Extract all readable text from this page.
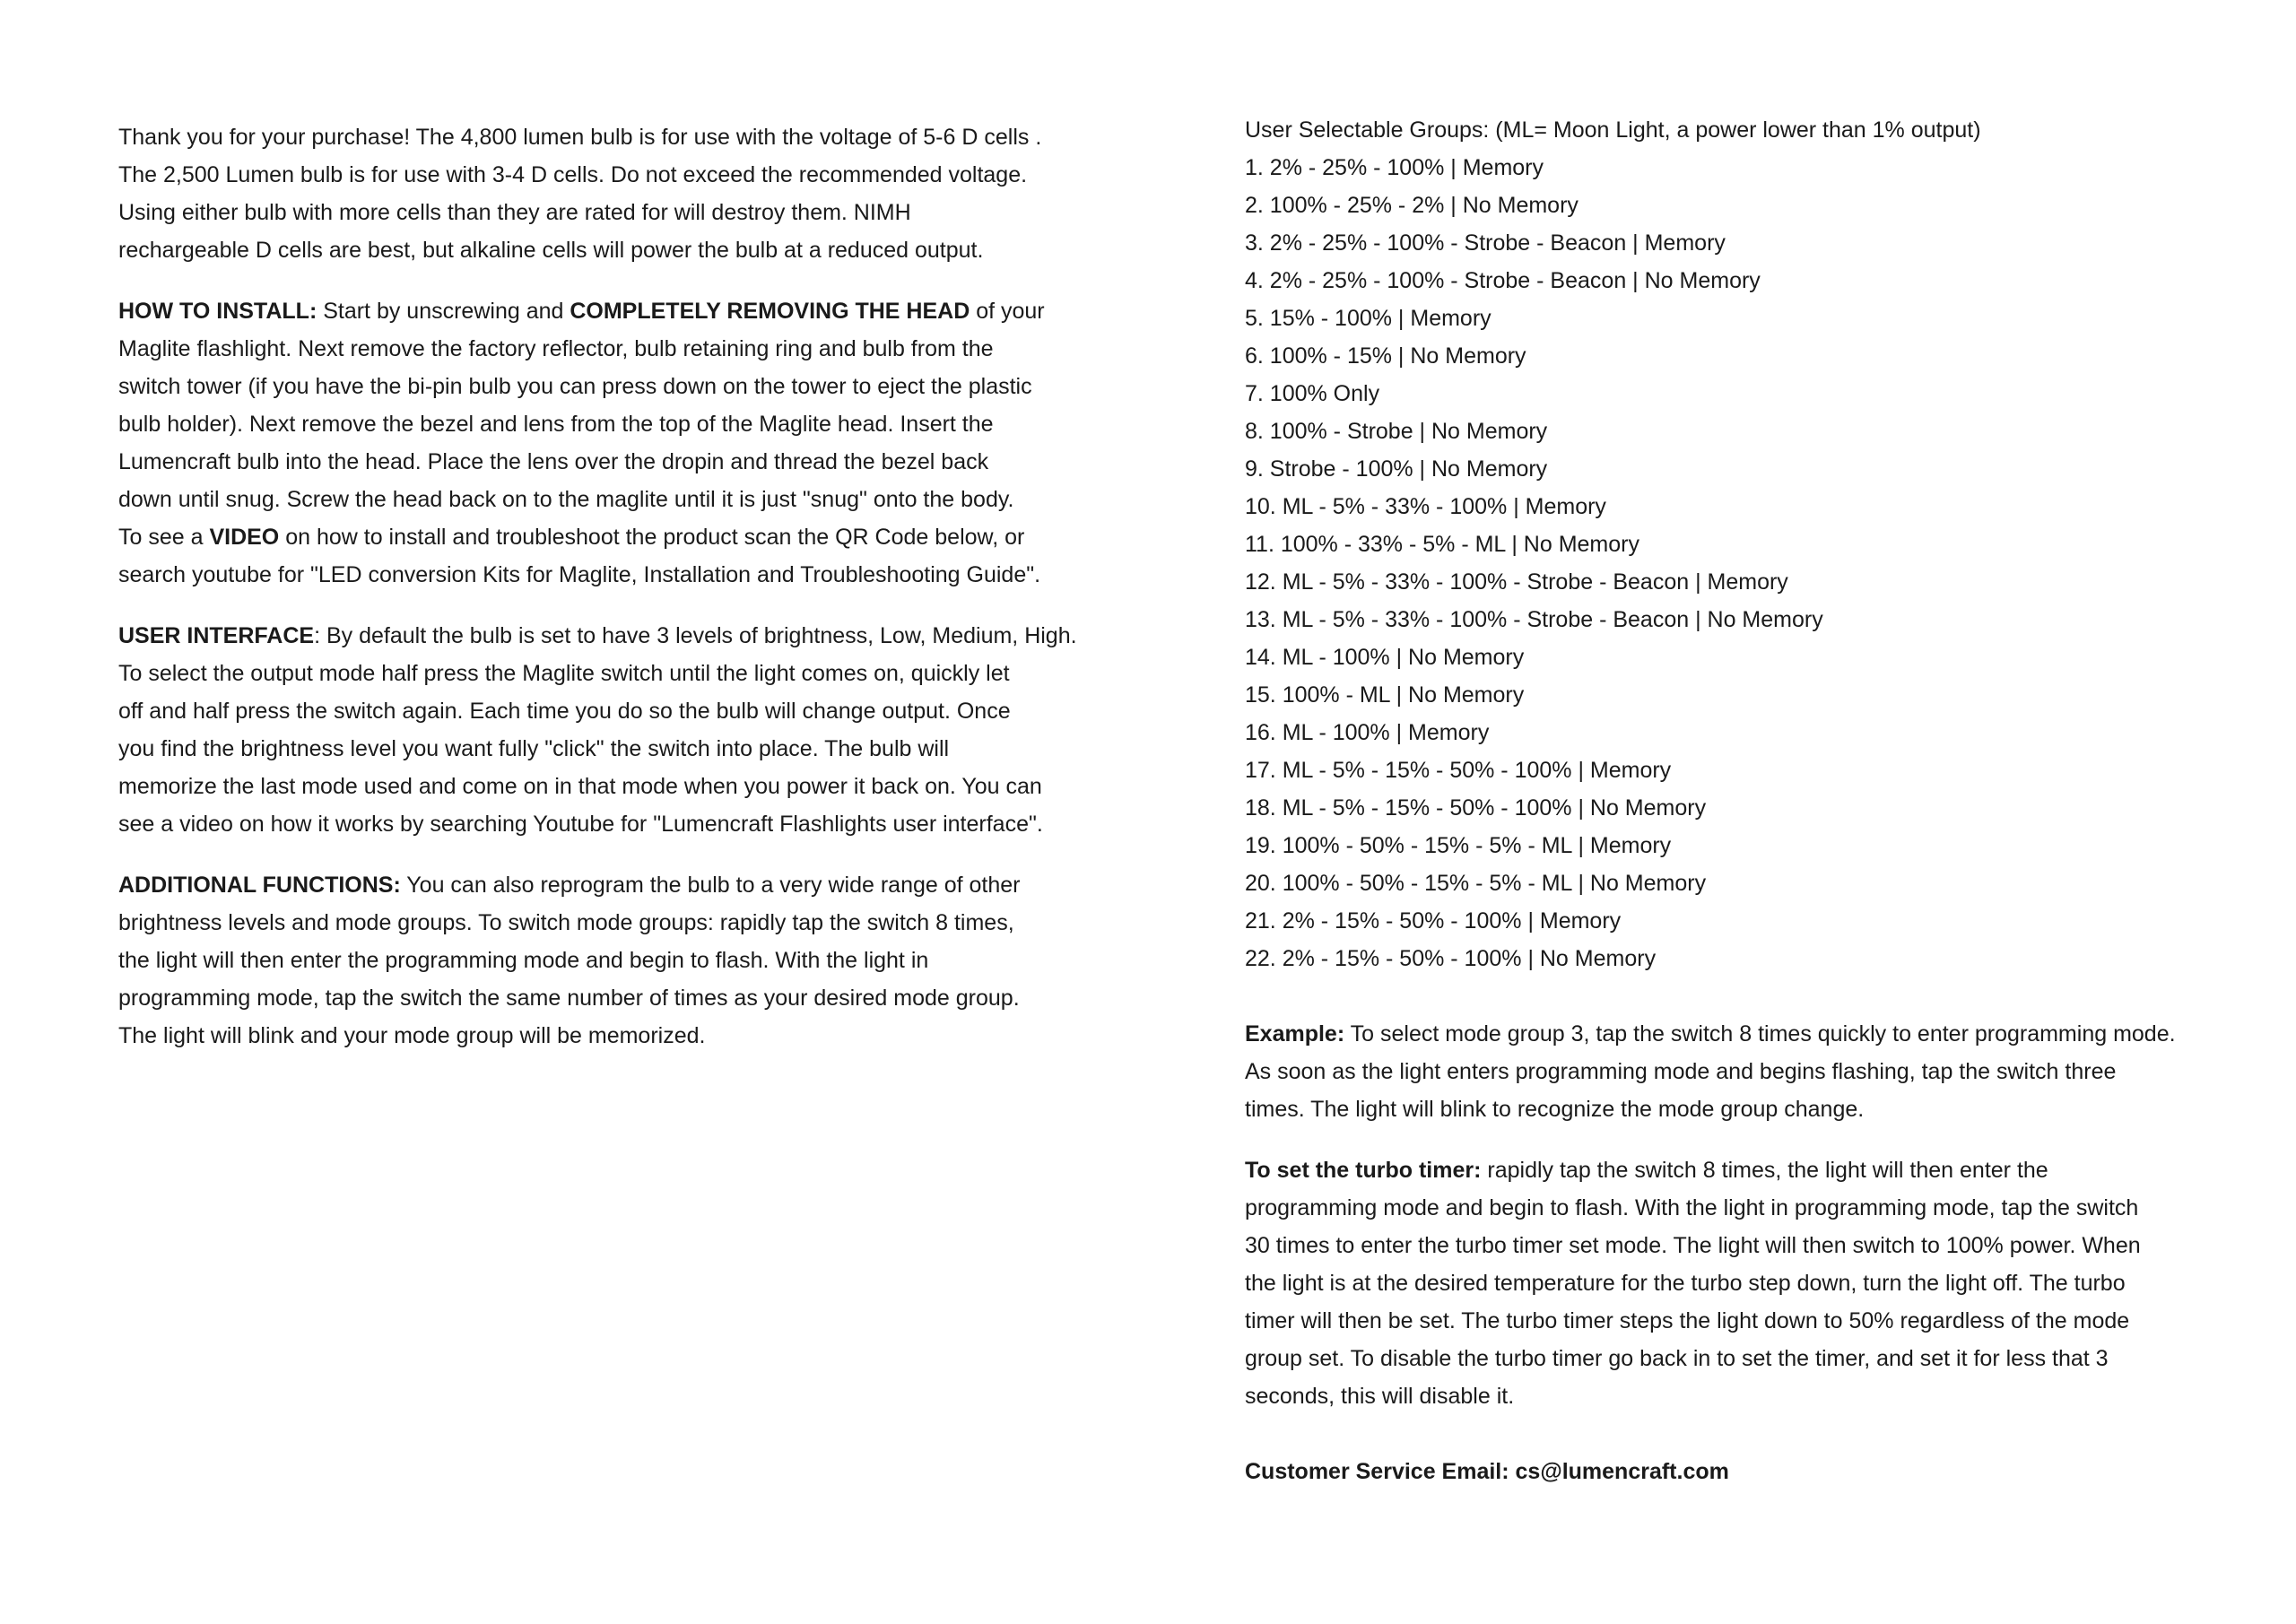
Thank you for your purchase! The 4,800 lumen bulb is for use with the voltage of 5-6 D cells .
The 2,500 Lumen bulb is for use with 3-4 D cells. Do not exceed the recommended voltage.
Using either bulb with more cells than they are rated for will destroy them. NIMH
rechargeable D cells are best, but alkaline cells will power the bulb at a reduced output.

HOW TO INSTALL: Start by unscrewing and COMPLETELY REMOVING THE HEAD of your
Maglite flashlight. Next remove the factory reflector, bulb retaining ring and bulb from the
switch tower (if you have the bi-pin bulb you can press down on the tower to eject the plastic
bulb holder). Next remove the bezel and lens from the top of the Maglite head. Insert the
Lumencraft bulb into the head. Place the lens over the dropin and thread the bezel back
down until snug. Screw the head back on to the maglite until it is just "snug" onto the body.
To see a VIDEO on how to install and troubleshoot the product scan the QR Code below, or
search youtube for "LED conversion Kits for Maglite, Installation and Troubleshooting Guide".

USER INTERFACE: By default the bulb is set to have 3 levels of brightness, Low, Medium, High.
To select the output mode half press the Maglite switch until the light comes on, quickly let
off and half press the switch again. Each time you do so the bulb will change output. Once
you find the brightness level you want fully "click" the switch into place. The bulb will
memorize the last mode used and come on in that mode when you power it back on. You can
see a video on how it works by searching Youtube for "Lumencraft Flashlights user interface".

ADDITIONAL FUNCTIONS: You can also reprogram the bulb to a very wide range of other
brightness levels and mode groups. To switch mode groups: rapidly tap the switch 8 times,
the light will then enter the programming mode and begin to flash. With the light in
programming mode, tap the switch the same number of times as your desired mode group.
The light will blink and your mode group will be memorized.

User Selectable Groups: (ML= Moon Light, a power lower than 1% output)
1. 2% - 25% - 100% | Memory
2. 100% - 25% - 2% | No Memory
3. 2% - 25% - 100% - Strobe - Beacon | Memory
4. 2% - 25% - 100% - Strobe - Beacon | No Memory
5. 15% - 100% | Memory
6. 100% - 15% | No Memory
7. 100% Only
8. 100% - Strobe | No Memory
9. Strobe - 100% | No Memory
10. ML - 5% - 33% - 100% | Memory
11. 100% - 33% - 5% - ML | No Memory
12. ML - 5% - 33% - 100% - Strobe - Beacon | Memory
13. ML - 5% - 33% - 100% - Strobe - Beacon | No Memory
14. ML - 100% | No Memory
15. 100% - ML | No Memory
16. ML - 100% | Memory
17. ML - 5% - 15% - 50% - 100% | Memory
18. ML - 5% - 15% - 50% - 100% | No Memory
19. 100% - 50% - 15% - 5% - ML | Memory
20. 100% - 50% - 15% - 5% - ML | No Memory
21. 2% - 15% - 50% - 100% | Memory
22. 2% - 15% - 50% - 100% | No Memory

Example: To select mode group 3, tap the switch 8 times quickly to enter programming mode.
As soon as the light enters programming mode and begins flashing, tap the switch three
times. The light will blink to recognize the mode group change.

To set the turbo timer: rapidly tap the switch 8 times, the light will then enter the
programming mode and begin to flash. With the light in programming mode, tap the switch
30 times to enter the turbo timer set mode. The light will then switch to 100% power. When
the light is at the desired temperature for the turbo step down, turn the light off. The turbo
timer will then be set. The turbo timer steps the light down to 50% regardless of the mode
group set. To disable the turbo timer go back in to set the timer, and set it for less that 3
seconds, this will disable it.

Customer Service Email: cs@lumencraft.com
